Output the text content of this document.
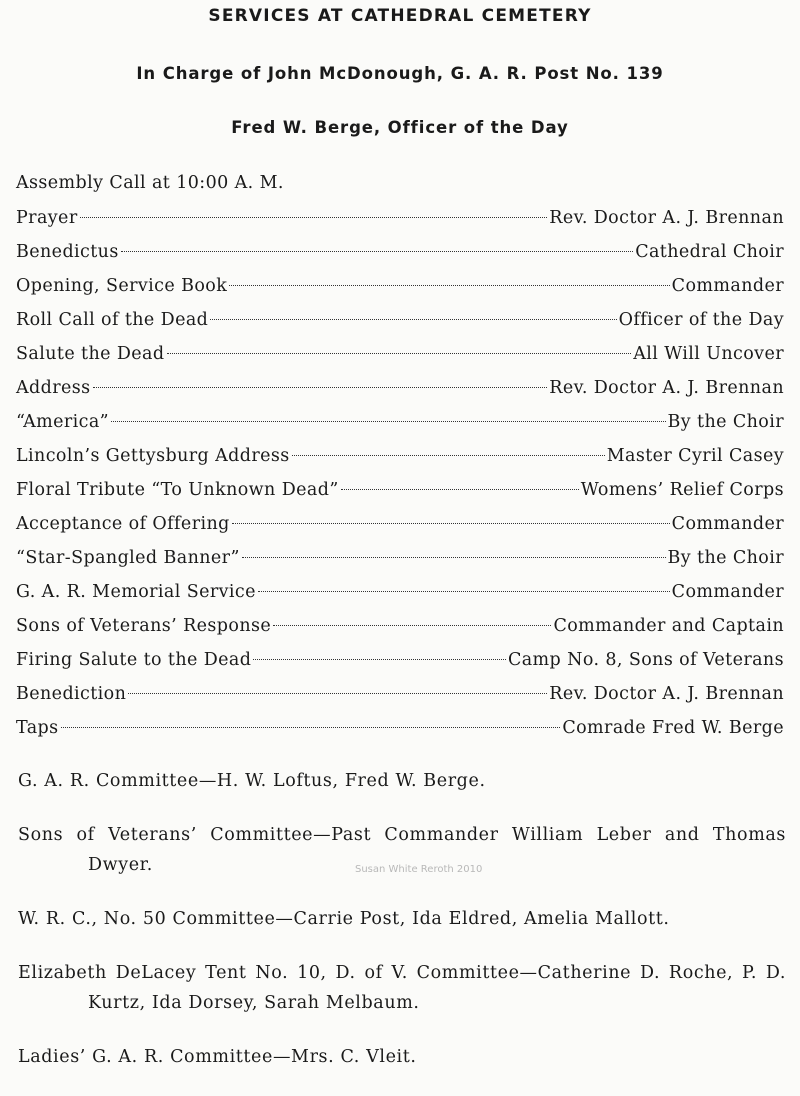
SERVICES AT CATHEDRAL CEMETERY
In Charge of John McDonough, G. A. R. Post No. 139
Fred W. Berge, Officer of the Day
Assembly Call at 10:00 A. M.
Prayer	Rev. Doctor A. J. Brennan
Benedictus	Cathedral Choir
Opening, Service Book	Commander
Roll Call of the Dead	Officer of the Day
Salute the Dead	All Will Uncover
Address	Rev. Doctor A. J. Brennan
“America”	By the Choir
Lincoln’s Gettysburg Address	Master Cyril Casey
Floral Tribute “To Unknown Dead”	Womens’ Relief Corps
Acceptance of Offering	Commander
“Star-Spangled Banner”	By the Choir
G. A. R. Memorial Service	Commander
Sons of Veterans’ Response	Commander and Captain
Firing Salute to the Dead	Camp No. 8, Sons of Veterans
Benediction	Rev. Doctor A. J. Brennan
Taps	Comrade Fred W. Berge
G. A. R. Committee—H. W. Loftus, Fred W. Berge.
Sons of Veterans’ Committee—Past Commander William Leber and Thomas Dwyer.
W. R. C., No. 50 Committee—Carrie Post, Ida Eldred, Amelia Mallott.
Elizabeth DeLacey Tent No. 10, D. of V. Committee—Catherine D. Roche, P. D. Kurtz, Ida Dorsey, Sarah Melbaum.
Ladies’ G. A. R. Committee—Mrs. C. Vleit.
Susan White Reroth 2010
